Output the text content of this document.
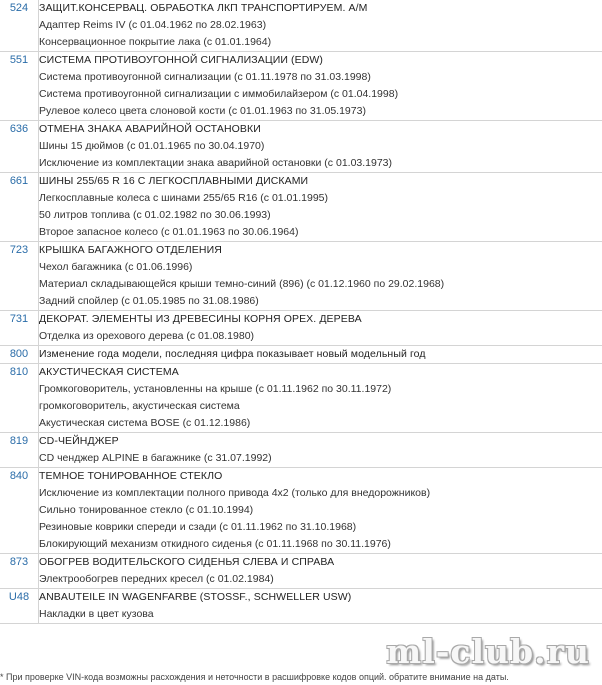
524	ЗАЩИТ.КОНСЕРВАЦ. ОБРАБОТКА ЛКП ТРАНСПОРТИРУЕМ. А/М
Адаптер Reims IV (с 01.04.1962 по 28.02.1963)
Консервационное покрытие лака (с 01.01.1964)

551	СИСТЕМА ПРОТИВОУГОННОЙ СИГНАЛИЗАЦИИ (EDW)
Система противоугонной сигнализации (с 01.11.1978 по 31.03.1998)
Система противоугонной сигнализации с иммобилайзером (с 01.04.1998)
Рулевое колесо цвета слоновой кости (с 01.01.1963 по 31.05.1973)

636	ОТМЕНА ЗНАКА АВАРИЙНОЙ ОСТАНОВКИ
Шины 15 дюймов (с 01.01.1965 по 30.04.1970)
Исключение из комплектации знака аварийной остановки (с 01.03.1973)

661	ШИНЫ 255/65 R 16 С ЛЕГКОСПЛАВНЫМИ ДИСКАМИ
Легкосплавные колеса с шинами 255/65 R16 (с 01.01.1995)
50 литров топлива (с 01.02.1982 по 30.06.1993)
Второе запасное колесо (с 01.01.1963 по 30.06.1964)

723	КРЫШКА БАГАЖНОГО ОТДЕЛЕНИЯ
Чехол багажника (с 01.06.1996)
Материал складывающейся крыши темно-синий (896) (с 01.12.1960 по 29.02.1968)
Задний спойлер (с 01.05.1985 по 31.08.1986)

731	ДЕКОРАТ. ЭЛЕМЕНТЫ ИЗ ДРЕВЕСИНЫ КОРНЯ ОРЕХ. ДЕРЕВА
Отделка из орехового дерева (с 01.08.1980)

800	Изменение года модели, последняя цифра показывает новый модельный год

810	АКУСТИЧЕСКАЯ СИСТЕМА
Громкоговоритель, установленны на крыше (с 01.11.1962 по 30.11.1972)
громкоговоритель, акустическая система
Акустическая система BOSE (с 01.12.1986)

819	CD-ЧЕЙНДЖЕР
CD ченджер ALPINE в багажнике (с 31.07.1992)

840	ТЕМНОЕ ТОНИРОВАННОЕ СТЕКЛО
Исключение из комплектации полного привода 4x2 (только для внедорожников)
Сильно тонированное стекло (с 01.10.1994)
Резиновые коврики спереди и сзади (с 01.11.1962 по 31.10.1968)
Блокирующий механизм откидного сиденья (с 01.11.1968 по 30.11.1976)

873	ОБОГРЕВ ВОДИТЕЛЬСКОГО СИДЕНЬЯ СЛЕВА И СПРАВА
Электрообогрев передних кресел (с 01.02.1984)

U48	ANBAUTEILE IN WAGENFARBE (STOSSF., SCHWELLER USW)
Накладки в цвет кузова
* При проверке VIN-кода возможны расхождения и неточности в расшифровке кодов опций. обратите внимание на даты.
ml-club.ru
